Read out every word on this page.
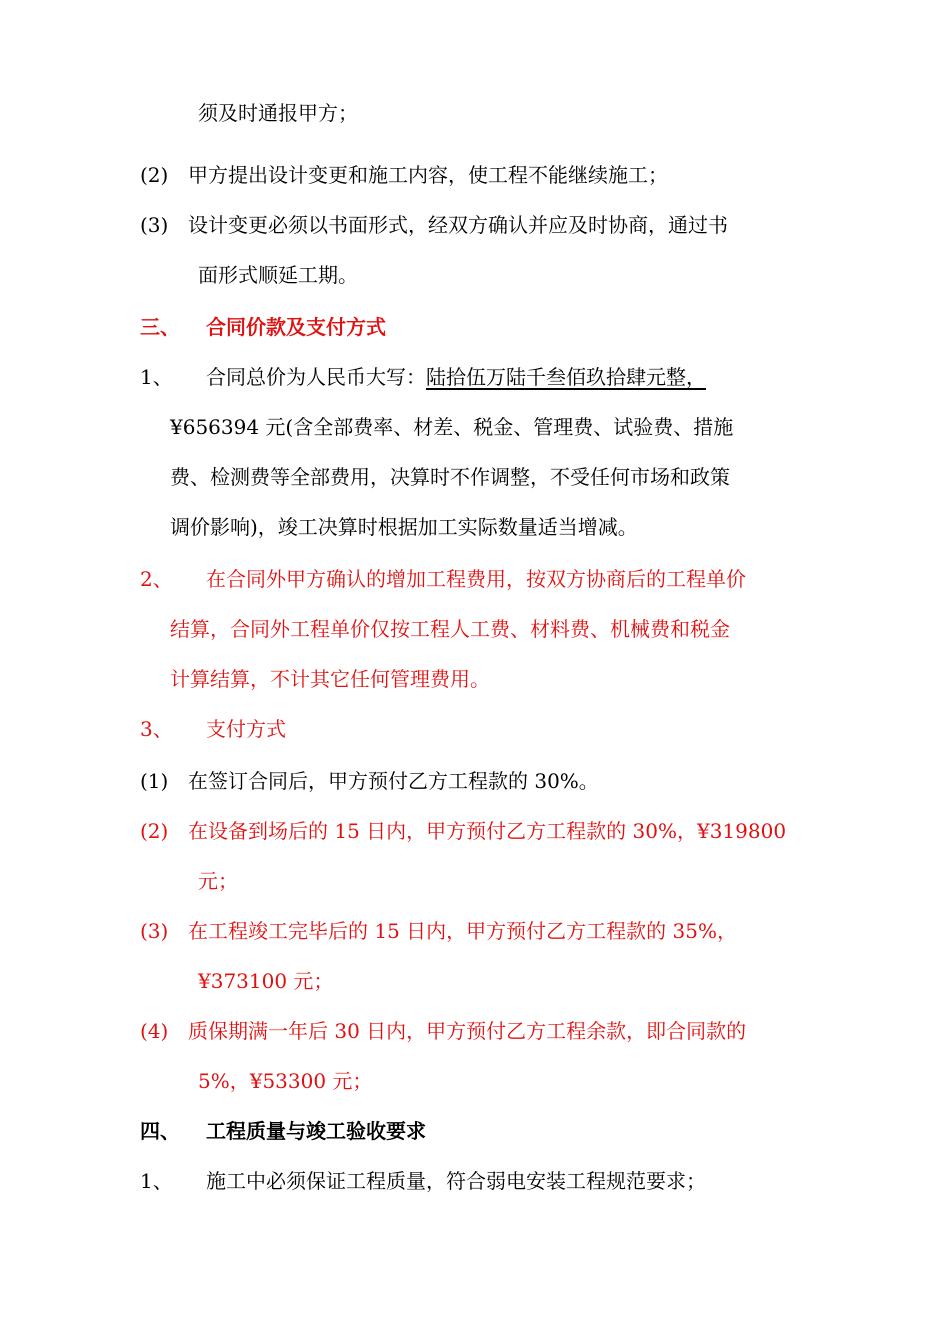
须及时通报甲方；
(2) 甲方提出设计变更和施工内容，使工程不能继续施工；
(3) 设计变更必须以书面形式，经双方确认并应及时协商，通过书
面形式顺延工期。
三、 合同价款及支付方式
1、 合同总价为人民币大写：陆拾伍万陆千叁佰玖拾肆元整，
¥656394 元(含全部费率、材差、税金、管理费、试验费、措施
费、检测费等全部费用，决算时不作调整，不受任何市场和政策
调价影响)，竣工决算时根据加工实际数量适当增减。
2、 在合同外甲方确认的增加工程费用，按双方协商后的工程单价
结算，合同外工程单价仅按工程人工费、材料费、机械费和税金
计算结算，不计其它任何管理费用。
3、 支付方式
(1) 在签订合同后，甲方预付乙方工程款的 30%。
(2) 在设备到场后的 15 日内，甲方预付乙方工程款的 30%，¥319800
元；
(3) 在工程竣工完毕后的 15 日内，甲方预付乙方工程款的 35%，
¥373100 元；
(4) 质保期满一年后 30 日内，甲方预付乙方工程余款，即合同款的
5%，¥53300 元；
四、 工程质量与竣工验收要求
1、 施工中必须保证工程质量，符合弱电安装工程规范要求；
